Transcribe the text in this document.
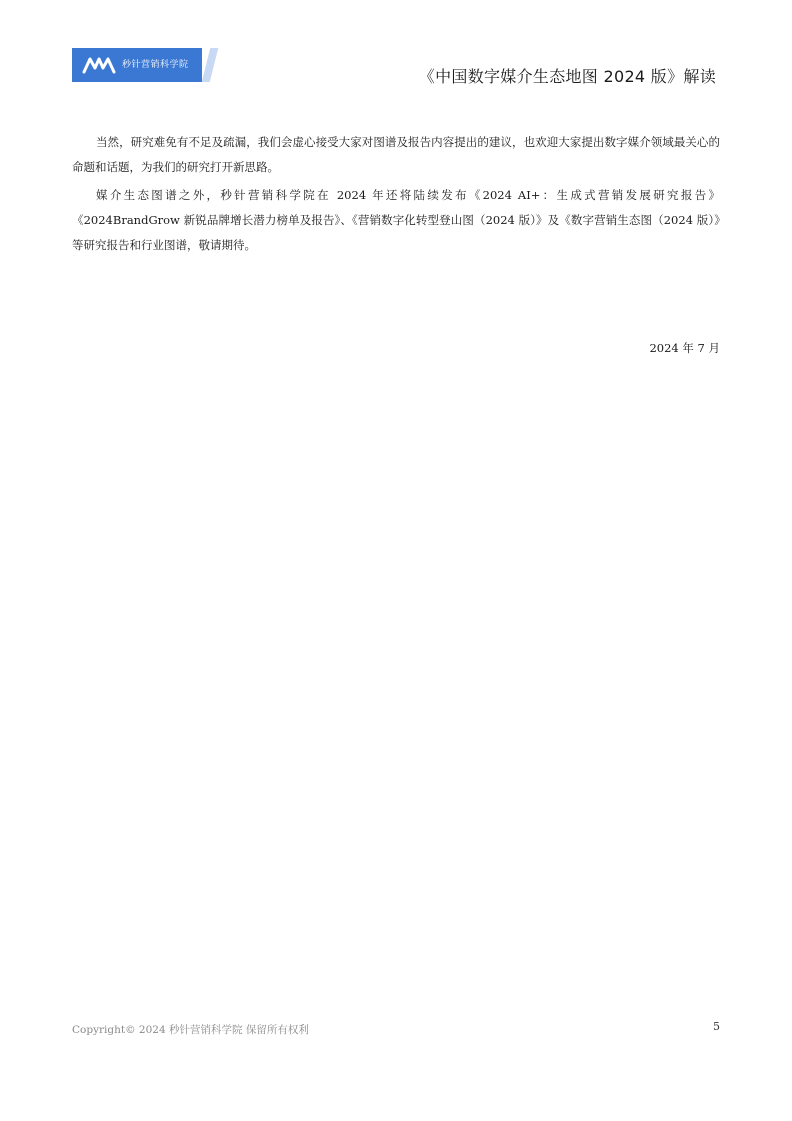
秒针营销科学院
《中国数字媒介生态地图 2024 版》解读

当然，研究难免有不足及疏漏，我们会虚心接受大家对图谱及报告内容提出的建议，也欢迎大家提出数字媒介领域最关心的命题和话题，为我们的研究打开新思路。

媒介生态图谱之外，秒针营销科学院在 2024 年还将陆续发布《2024 AI+：生成式营销发展研究报告》《2024BrandGrow 新锐品牌增长潜力榜单及报告》、《营销数字化转型登山图（2024 版）》及《数字营销生态图（2024 版）》等研究报告和行业图谱，敬请期待。

2024 年 7 月
Copyright© 2024 秒针营销科学院 保留所有权利	5
